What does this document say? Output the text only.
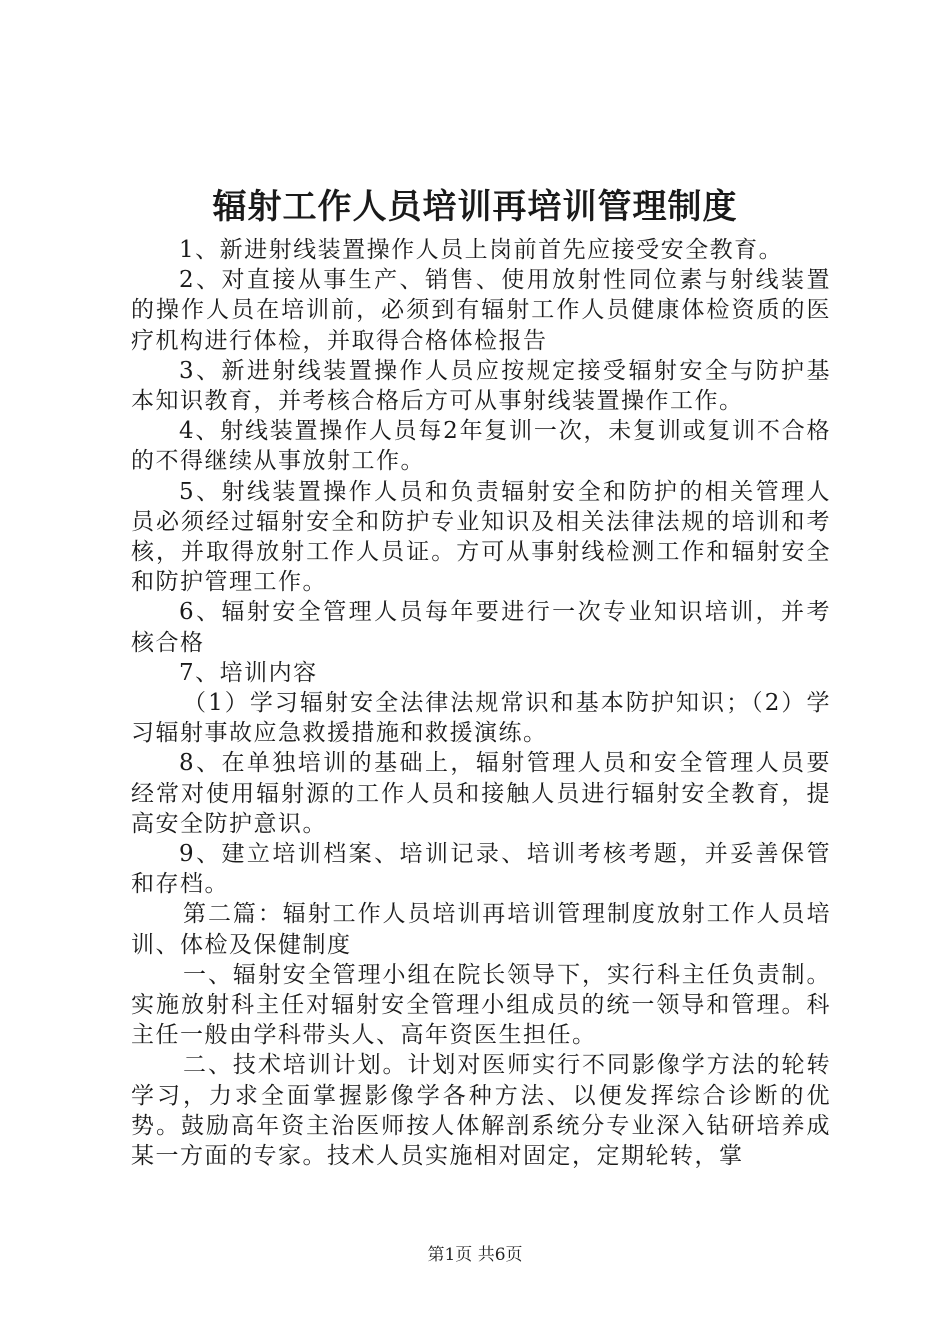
辐射工作人员培训再培训管理制度

1、新进射线装置操作人员上岗前首先应接受安全教育。

2、对直接从事生产、销售、使用放射性同位素与射线装置的操作人员在培训前，必须到有辐射工作人员健康体检资质的医疗机构进行体检，并取得合格体检报告

3、新进射线装置操作人员应按规定接受辐射安全与防护基本知识教育，并考核合格后方可从事射线装置操作工作。

4、射线装置操作人员每2年复训一次，未复训或复训不合格的不得继续从事放射工作。

5、射线装置操作人员和负责辐射安全和防护的相关管理人员必须经过辐射安全和防护专业知识及相关法律法规的培训和考核，并取得放射工作人员证。方可从事射线检测工作和辐射安全和防护管理工作。

6、辐射安全管理人员每年要进行一次专业知识培训，并考核合格

7、培训内容

（1）学习辐射安全法律法规常识和基本防护知识；（2）学习辐射事故应急救援措施和救援演练。

8、在单独培训的基础上，辐射管理人员和安全管理人员要经常对使用辐射源的工作人员和接触人员进行辐射安全教育，提高安全防护意识。

9、建立培训档案、培训记录、培训考核考题，并妥善保管和存档。

第二篇：辐射工作人员培训再培训管理制度放射工作人员培训、体检及保健制度

一、辐射安全管理小组在院长领导下，实行科主任负责制。实施放射科主任对辐射安全管理小组成员的统一领导和管理。科主任一般由学科带头人、高年资医生担任。

二、技术培训计划。计划对医师实行不同影像学方法的轮转学习，力求全面掌握影像学各种方法、以便发挥综合诊断的优势。鼓励高年资主治医师按人体解剖系统分专业深入钻研培养成某一方面的专家。技术人员实施相对固定，定期轮转，掌

第1页 共6页
